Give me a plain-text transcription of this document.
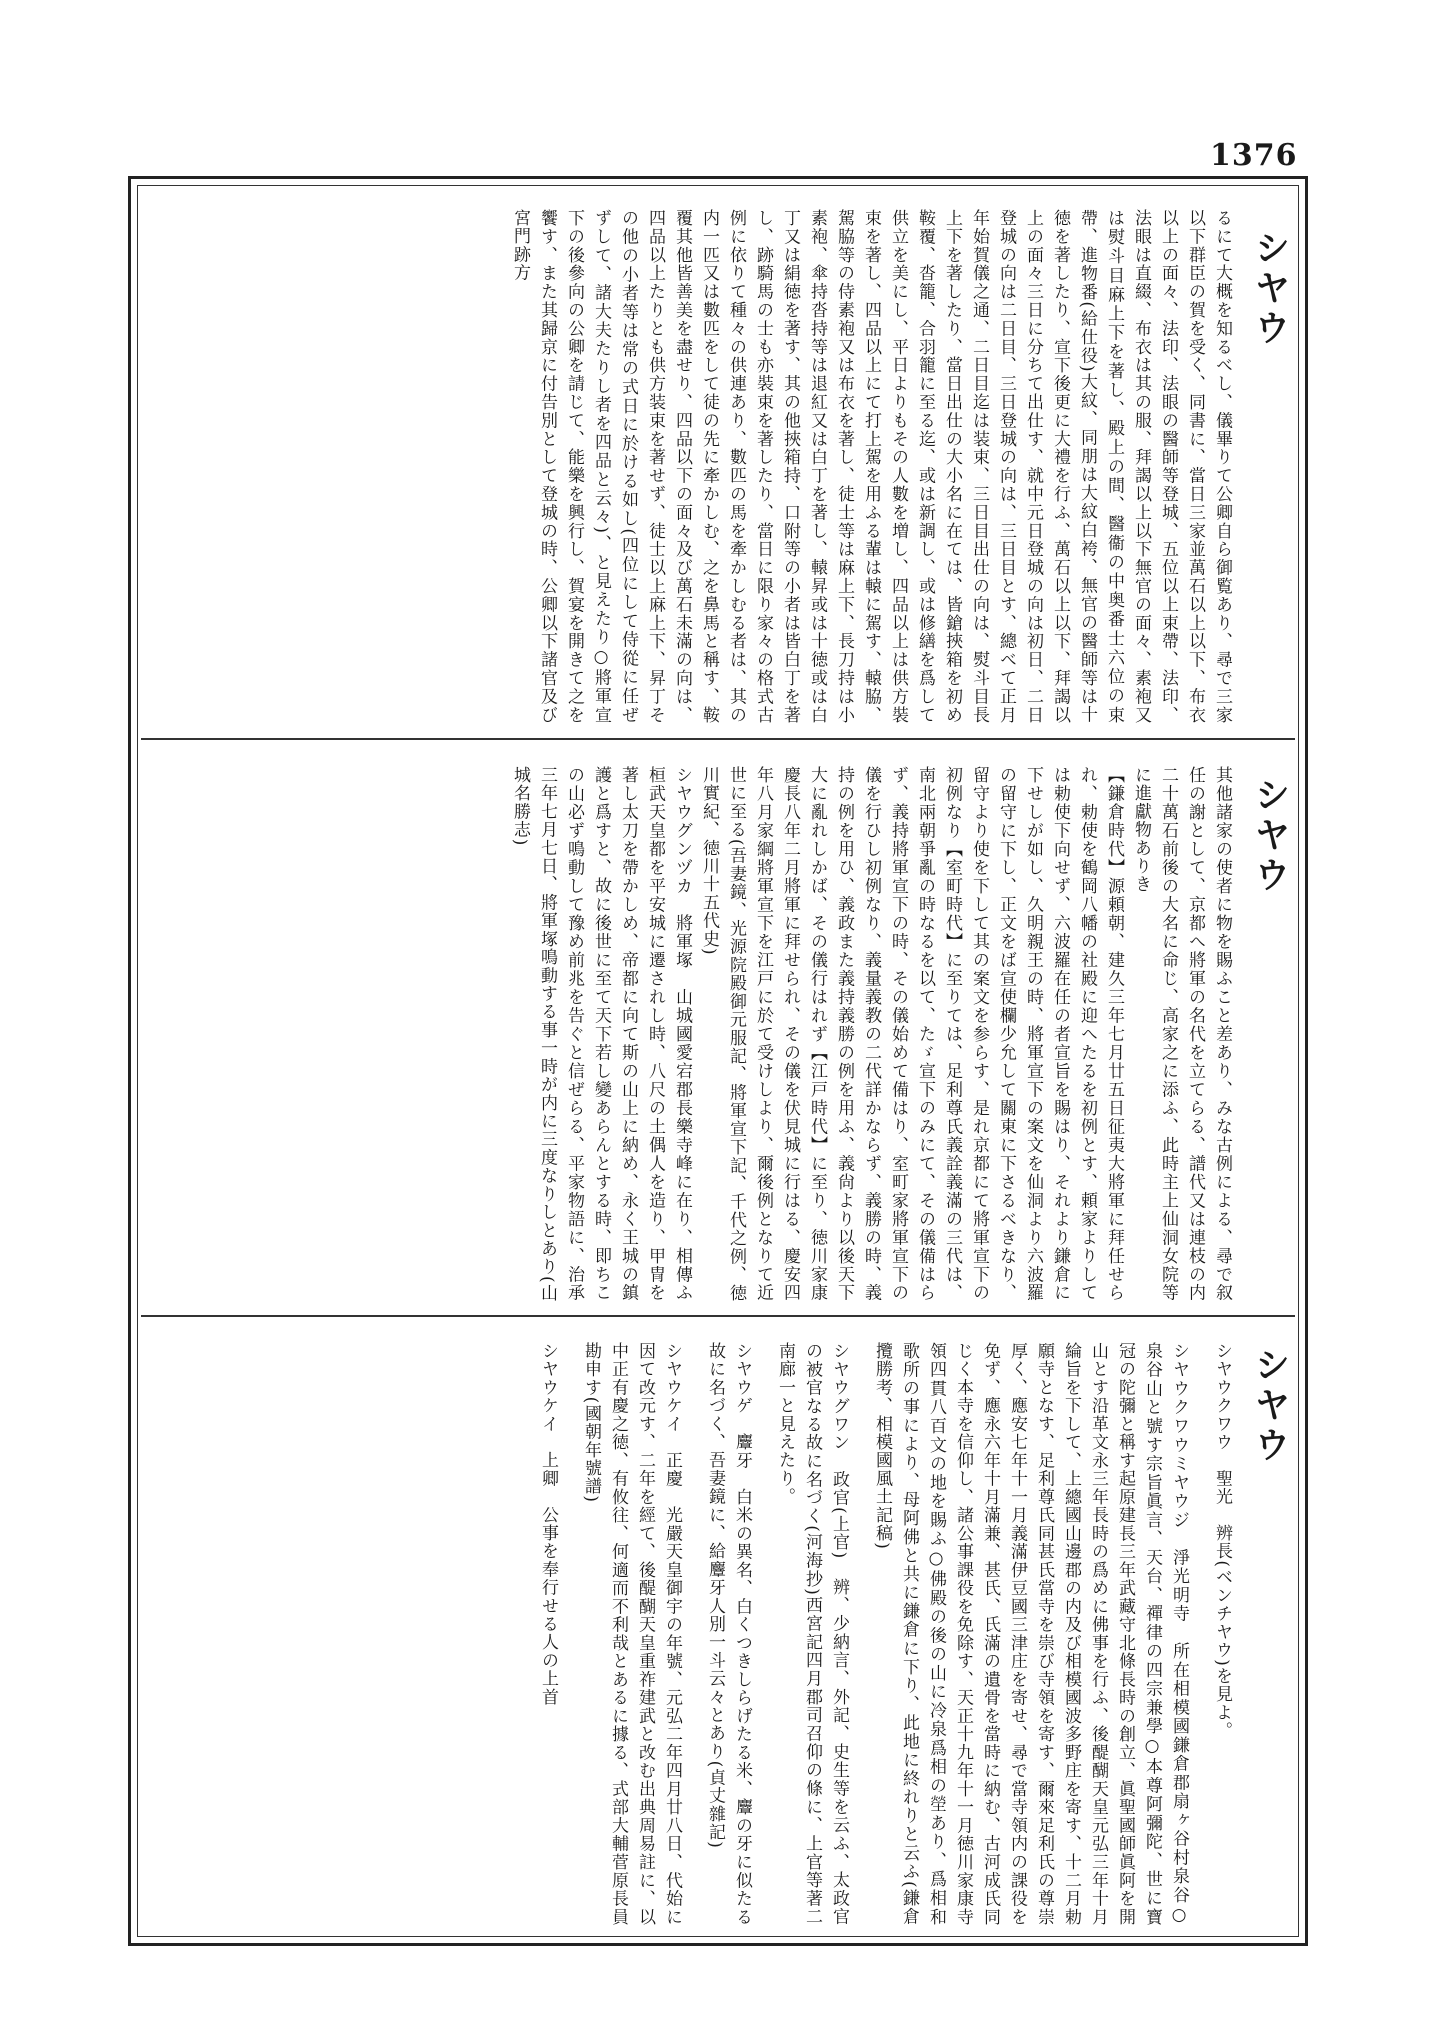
1376
シヤウ

るにて大概を知るべし、儀畢りて公卿自ら御覧あり、尋で三家以下群臣の賀を受く、同書に、當日三家並萬石以上以下、布衣以上の面々、法印、法眼の醫師等登城、五位以上束帶、法印、法眼は直綴、布衣は其の服、拜謁以上以下無官の面々、素袍又は熨斗目麻上下を著し、殿上の間、醫衞の中奥番士六位の束帶、進物番(給仕役)大紋、同朋は大紋白袴、無官の醫師等は十徳を著したり、宣下後更に大禮を行ふ、萬石以上以下、拜謁以上の面々三日に分ちて出仕す、就中元日登城の向は初日、二日登城の向は二日目、三日登城の向は、三日目とす、總べて正月年始賀儀之通、二日目迄は装束、三日目出仕の向は、熨斗目長上下を著したり、當日出仕の大小名に在ては、皆鎗挾箱を初め鞍覆、沓籠、合羽籠に至る迄、或は新調し、或は修繕を爲して供立を美にし、平日よりもその人數を増し、四品以上は供方裝束を著し、四品以上にて打上駕を用ふる輩は轅に駕す、轅脇、駕脇等の侍素袍又は布衣を著し、徒士等は麻上下、長刀持は小素袍、傘持沓持等は退紅又は白丁を著し、轅昇或は十徳或は白丁又は絹徳を著す、其の他挾箱持、口附等の小者は皆白丁を著し、跡騎馬の士も亦裝束を著したり、當日に限り家々の格式古例に依りて種々の供連あり、數匹の馬を牽かしむる者は、其の内一匹又は數匹をして徒の先に牽かしむ、之を鼻馬と稱す、鞍覆其他皆善美を盡せり、四品以下の面々及び萬石未滿の向は、四品以上たりとも供方装束を著せず、徒士以上麻上下、昇丁その他の小者等は常の式日に於ける如し(四位にして侍從に任ぜずして、諸大夫たりし者を四品と云々)、と見えたり○將軍宣下の後參向の公卿を請じて、能樂を興行し、賀宴を開きて之を饗す、また其歸京に付告別として登城の時、公卿以下諸官及び宮門跡方

シヤウ

其他諸家の使者に物を賜ふこと差あり、みな古例による、尋で叙任の謝として、京都へ將軍の名代を立てらる、譜代又は連枝の内二十萬石前後の大名に命じ、高家之に添ふ、此時主上仙洞女院等に進獻物ありき

【鎌倉時代】源頼朝、建久三年七月廿五日征夷大將軍に拜任せられ、勅使を鶴岡八幡の社殿に迎へたるを初例とす、頼家よりしては勅使下向せず、六波羅在任の者宣旨を賜はり、それより鎌倉に下せしが如し、久明親王の時、將軍宣下の案文を仙洞より六波羅の留守に下し、正文をば宣使欄少允して關東に下さるべきなり、留守より使を下して其の案文を参らす、是れ京都にて將軍宣下の初例なり【室町時代】に至りては、足利尊氏義詮義滿の三代は、南北兩朝爭亂の時なるを以て、たゞ宣下のみにて、その儀備はらず、義持將軍宣下の時、その儀始めて備はり、室町家將軍宣下の儀を行ひし初例なり、義量義教の二代詳かならず、義勝の時、義持の例を用ひ、義政また義持義勝の例を用ふ、義尙より以後天下大に亂れしかば、その儀行はれず【江戸時代】に至り、徳川家康慶長八年二月將軍に拜せられ、その儀を伏見城に行はる、慶安四年八月家綱將軍宣下を江戸に於て受けしより、爾後例となりて近世に至る(吾妻鏡、光源院殿御元服記、將軍宣下記、千代之例、徳川實紀、徳川十五代史)

シヤウグンヅカ　將軍塚　山城國愛宕郡長樂寺峰に在り、相傳ふ桓武天皇都を平安城に遷されし時、八尺の土偶人を造り、甲冑を著し太刀を帶かしめ、帝都に向て斯の山上に納め、永く王城の鎮護と爲すと、故に後世に至て天下若し變あらんとする時、即ちこの山必ず鳴動して豫め前兆を告ぐと信ぜらる、平家物語に、治承三年七月七日、將軍塚鳴動する事一時が内に三度なりしとあり(山城名勝志)

シヤウ

シヤウクワウ　聖光　辨長(ベンチヤウ)を見よ。

シヤウクワウミヤウジ　淨光明寺　所在相模國鎌倉郡扇ヶ谷村泉谷○泉谷山と號す宗旨眞言、天台、禪律の四宗兼學○本尊阿彌陀、世に寶冠の陀彌と稱す起原建長三年武藏守北條長時の創立、眞聖國師眞阿を開山とす沿革文永三年長時の爲めに佛事を行ふ、後醍醐天皇元弘三年十月綸旨を下して、上總國山邊郡の内及び相模國波多野庄を寄す、十二月勅願寺となす、足利尊氏同甚氏當寺を崇び寺領を寄す、爾來足利氏の尊崇厚く、應安七年十一月義滿伊豆國三津庄を寄せ、尋で當寺領内の課役を免ず、應永六年十月滿兼、甚氏、氏滿の遺骨を當時に納む、古河成氏同じく本寺を信仰し、諸公事課役を免除す、天正十九年十一月徳川家康寺領四貫八百文の地を賜ふ○佛殿の後の山に冷泉爲相の塋あり、爲相和歌所の事により、母阿佛と共に鎌倉に下り、此地に終れりと云ふ(鎌倉攬勝考、相模國風土記稿)

シヤウグワン　政官(上官)　辨、少納言、外記、史生等を云ふ、太政官の被官なる故に名づく(河海抄)西宮記四月郡司召仰の條に、上官等著二南廊一と見えたり。

シヤウゲ　麞牙　白米の異名、白くつきしらげたる米、麞の牙に似たる故に名づく、吾妻鏡に、給麞牙人別一斗云々とあり(貞丈雜記)

シヤウケイ　正慶　光嚴天皇御宇の年號、元弘二年四月廿八日、代始に因て改元す、二年を經て、後醍醐天皇重祚建武と改む出典周易註に、以中正有慶之徳、有攸往、何適而不利哉とあるに據る、式部大輔菅原長員勘申す(國朝年號譜)

シヤウケイ　上卿　公事を奉行せる人の上首
